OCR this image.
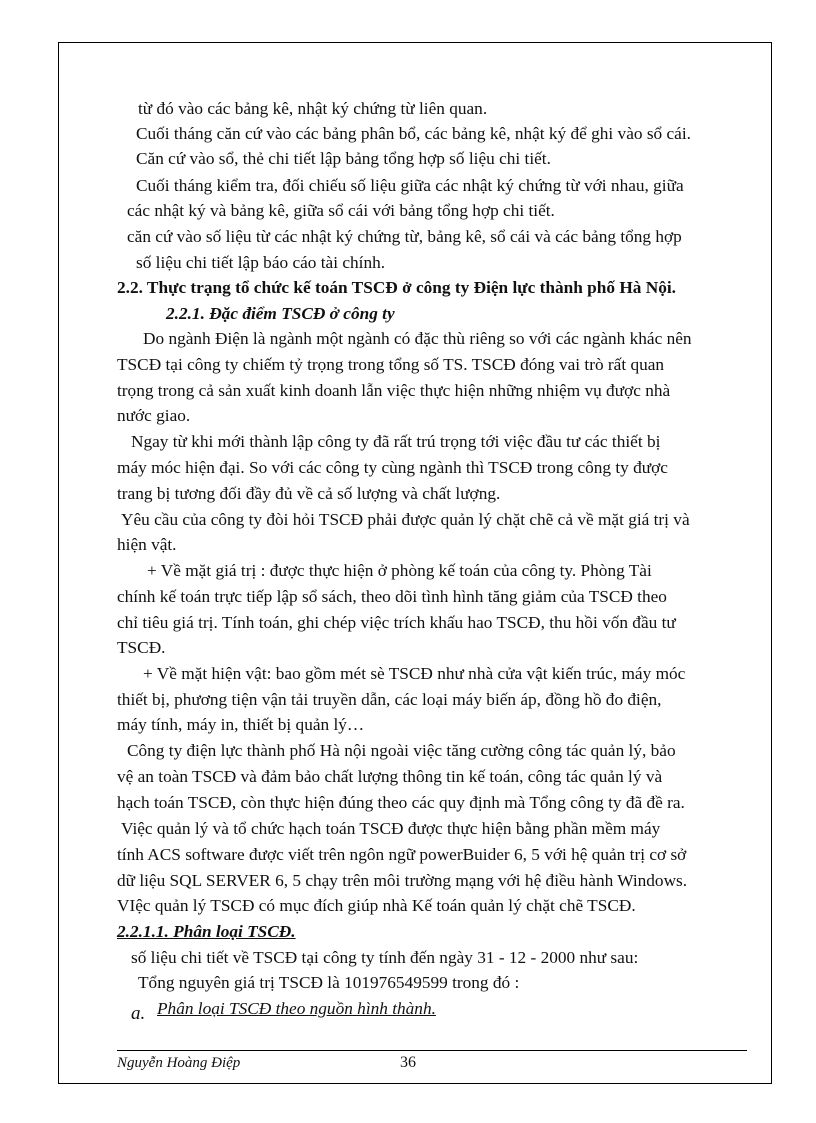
từ đó vào các bảng kê, nhật ký chứng từ liên quan.
Cuối tháng căn cứ vào các bảng phân bổ, các bảng kê, nhật ký để ghi vào sổ cái.
Căn cứ vào sổ, thẻ chi tiết lập bảng tổng hợp số liệu chi tiết.
Cuối tháng kiểm tra, đối chiếu số liệu giữa các nhật ký chứng từ với nhau, giữa
các nhật ký và bảng kê, giữa sổ cái với bảng tổng hợp chi tiết.
căn cứ vào số liệu từ các nhật ký chứng từ, bảng kê, sổ cái và các bảng tổng hợp
số liệu chi tiết lập báo cáo tài chính.
2.2. Thực trạng tổ chức kế toán TSCĐ ở công ty Điện lực thành phố Hà Nội.
2.2.1. Đặc điểm TSCĐ ở công ty
Do ngành Điện là ngành một ngành có đặc thù riêng so với các ngành khác nên
TSCĐ tại công ty chiếm tỷ trọng trong tổng số TS. TSCĐ đóng vai trò rất quan
trọng trong cả sản xuất kinh doanh lẫn việc thực hiện những nhiệm vụ được nhà
nước giao.
Ngay từ khi mới thành lập công ty đã rất trú trọng tới việc đầu tư các thiết bị
máy móc hiện đại. So với các công ty cùng ngành thì TSCĐ trong công ty được
trang bị tương đối đầy đủ về cả số lượng và chất lượng.
Yêu cầu của công ty đòi hỏi TSCĐ phải được quản lý chặt chẽ cả về mặt giá trị và
hiện vật.
+ Về mặt giá trị : được thực hiện ở phòng kế toán của công ty. Phòng Tài
chính kế toán trực tiếp lập sổ sách, theo dõi tình hình tăng giảm của TSCĐ theo
chỉ tiêu giá trị. Tính toán, ghi chép việc trích khấu hao TSCĐ, thu hồi vốn đầu tư
TSCĐ.
+ Về mặt hiện vật: bao gồm mét sè TSCĐ như nhà cửa vật kiến trúc, máy móc
thiết bị, phương tiện vận tải truyền dẫn, các loại máy biến áp, đồng hồ đo điện,
máy tính, máy in, thiết bị quản lý…
Công ty điện lực thành phố Hà nội ngoài việc tăng cường công tác quản lý, bảo
vệ an toàn TSCĐ và đảm bảo chất lượng thông tin kế toán, công tác quản lý và
hạch toán TSCĐ, còn thực hiện đúng theo các quy định mà Tổng công ty đã đề ra.
Việc quản lý và tổ chức hạch toán TSCĐ được thực hiện bằng phần mềm máy
tính ACS software được viết trên ngôn ngữ powerBuider 6, 5 với hệ quản trị cơ sở
dữ liệu SQL SERVER 6, 5 chạy trên môi trường mạng với hệ điều hành Windows.
VIệc quản lý TSCĐ có mục đích giúp nhà Kế toán quản lý chặt chẽ TSCĐ.
2.2.1.1. Phân loại TSCĐ.
số liệu chi tiết về TSCĐ tại công ty tính đến ngày 31 - 12 - 2000 như sau:
Tổng nguyên giá trị TSCĐ là 101976549599 trong đó :
a. Phân loại TSCĐ theo nguồn hình thành.
Nguyễn Hoàng Điệp	36
